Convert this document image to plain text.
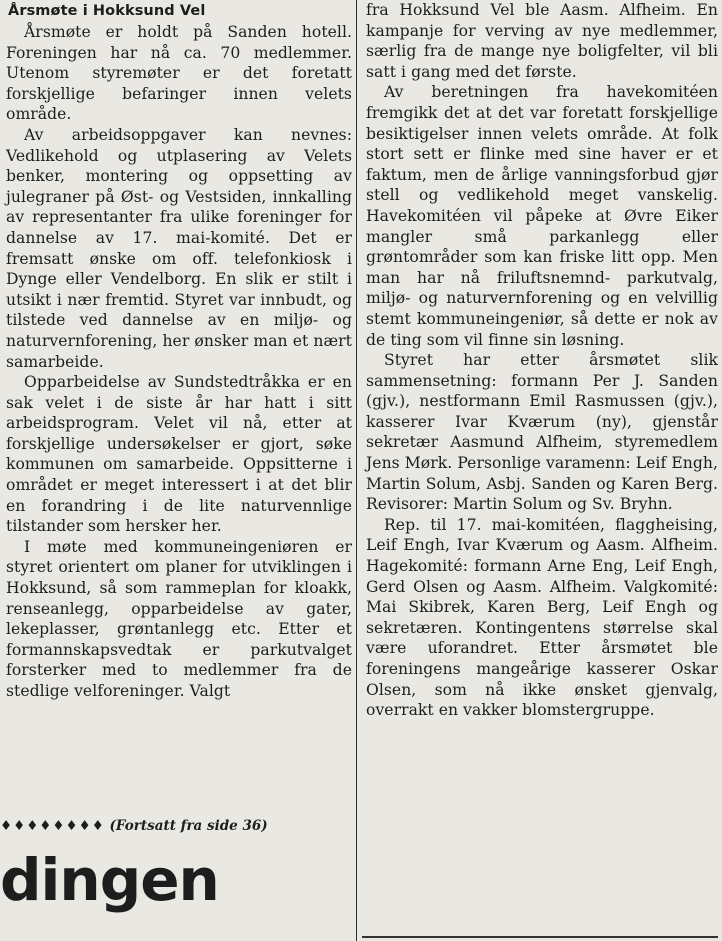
Årsmøte i Hokksund Vel

Årsmøte er holdt på Sanden hotell. Foreningen har nå ca. 70 medlemmer. Utenom styremøter er det foretatt forskjellige befaringer innen velets område.

Av arbeidsoppgaver kan nevnes: Vedlikehold og utplasering av Velets benker, montering og oppsetting av julegraner på Øst- og Vestsiden, innkalling av representanter fra ulike foreninger for dannelse av 17. mai-komité. Det er fremsatt ønske om off. telefonkiosk i Dynge eller Vendelborg. En slik er stilt i utsikt i nær fremtid. Styret var innbudt, og tilstede ved dannelse av en miljø- og naturvernforening, her ønsker man et nært samarbeide.

Opparbeidelse av Sundstedtråkka er en sak velet i de siste år har hatt i sitt arbeidsprogram. Velet vil nå, etter at forskjellige undersøkelser er gjort, søke kommunen om samarbeide. Oppsitterne i området er meget interessert i at det blir en forandring i de lite naturvennlige tilstander som hersker her.

I møte med kommuneingeniøren er styret orientert om planer for utviklingen i Hokksund, så som rammeplan for kloakk, renseanlegg, opparbeidelse av gater, lekeplasser, grøntanlegg etc. Etter et formannskapsvedtak er parkutvalget forsterker med to medlemmer fra de stedlige velforeninger. Valgt

fra Hokksund Vel ble Aasm. Alfheim. En kampanje for verving av nye medlemmer, særlig fra de mange nye boligfelter, vil bli satt i gang med det første.

Av beretningen fra havekomitéen fremgikk det at det var foretatt forskjellige besiktigelser innen velets område. At folk stort sett er flinke med sine haver er et faktum, men de årlige vanningsforbud gjør stell og vedlikehold meget vanskelig. Havekomitéen vil påpeke at Øvre Eiker mangler små parkanlegg eller grøntområder som kan friske litt opp. Men man har nå friluftsnemnd- parkutvalg, miljø- og naturvernforening og en velvillig stemt kommuneingeniør, så dette er nok av de ting som vil finne sin løsning.

Styret har etter årsmøtet slik sammensetning: formann Per J. Sanden (gjv.), nestformann Emil Rasmussen (gjv.), kasserer Ivar Kværum (ny), gjenstår sekretær Aasmund Alfheim, styremedlem Jens Mørk. Personlige varamenn: Leif Engh, Martin Solum, Asbj. Sanden og Karen Berg. Revisorer: Martin Solum og Sv. Bryhn.

Rep. til 17. mai-komitéen, flaggheising, Leif Engh, Ivar Kværum og Aasm. Alfheim. Hagekomité: formann Arne Eng, Leif Engh, Gerd Olsen og Aasm. Alfheim. Valgkomité: Mai Skibrek, Karen Berg, Leif Engh og sekretæren. Kontingentens størrelse skal være uforandret. Etter årsmøtet ble foreningens mangeårige kasserer Oskar Olsen, som nå ikke ønsket gjenvalg, overrakt en vakker blomstergruppe.

♦♦♦♦♦♦♦♦ (Fortsatt fra side 36)
dingen
